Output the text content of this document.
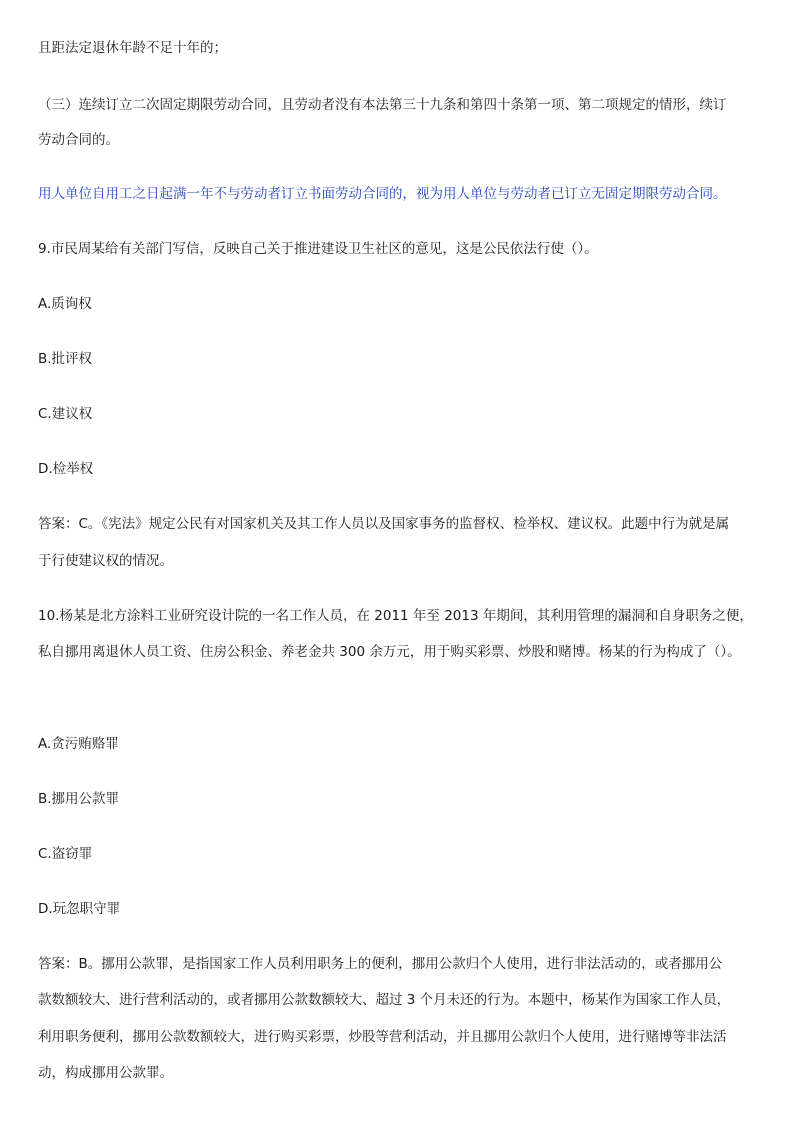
且距法定退休年龄不足十年的；
（三）连续订立二次固定期限劳动合同，且劳动者没有本法第三十九条和第四十条第一项、第二项规定的情形，续订
劳动合同的。
用人单位自用工之日起满一年不与劳动者订立书面劳动合同的，视为用人单位与劳动者已订立无固定期限劳动合同。
9.市民周某给有关部门写信，反映自己关于推进建设卫生社区的意见，这是公民依法行使（）。
A.质询权
B.批评权
C.建议权
D.检举权
答案：C。《宪法》规定公民有对国家机关及其工作人员以及国家事务的监督权、检举权、建议权。此题中行为就是属
于行使建议权的情况。
10.杨某是北方涂料工业研究设计院的一名工作人员，在 2011 年至 2013 年期间，其利用管理的漏洞和自身职务之便，
私自挪用离退休人员工资、住房公积金、养老金共 300 余万元，用于购买彩票、炒股和赌博。杨某的行为构成了（）。
A.贪污贿赂罪
B.挪用公款罪
C.盗窃罪
D.玩忽职守罪
答案：B。挪用公款罪，是指国家工作人员利用职务上的便利，挪用公款归个人使用，进行非法活动的，或者挪用公
款数额较大、进行营利活动的，或者挪用公款数额较大、超过 3 个月未还的行为。本题中，杨某作为国家工作人员，
利用职务便利，挪用公款数额较大，进行购买彩票，炒股等营利活动，并且挪用公款归个人使用，进行赌博等非法活
动，构成挪用公款罪。
